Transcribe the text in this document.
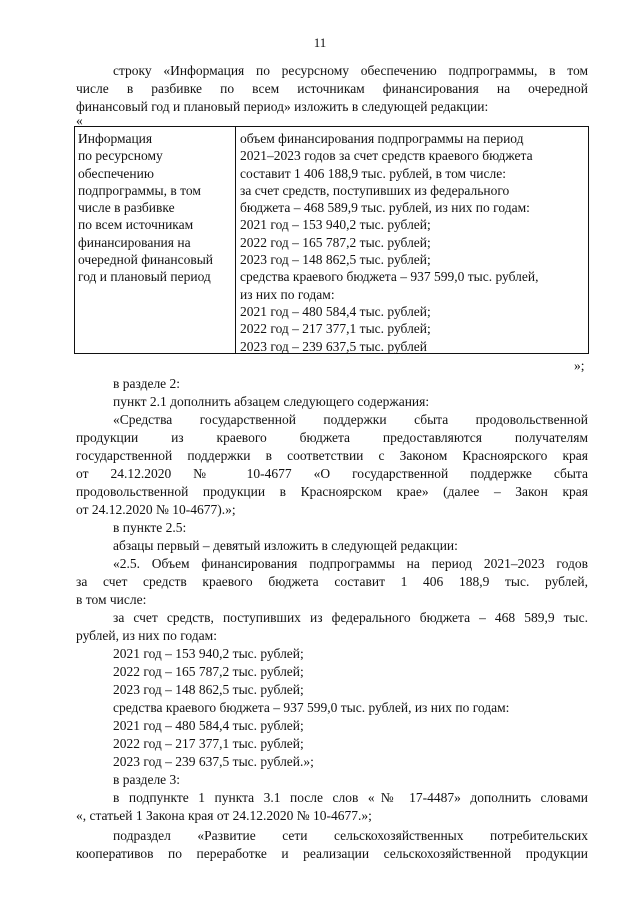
11
строку «Информация по ресурсному обеспечению подпрограммы, в том
числе в разбивке по всем источникам финансирования на очередной
финансовый год и плановый период» изложить в следующей редакции:
«
Информация
по ресурсному
обеспечению
подпрограммы, в том
числе в разбивке
по всем источникам
финансирования на
очередной финансовый
год и плановый период
объем финансирования подпрограммы на период
2021–2023 годов за счет средств краевого бюджета
составит 1 406 188,9 тыс. рублей, в том числе:
за счет средств, поступивших из федерального
бюджета – 468 589,9 тыс. рублей, из них по годам:
2021 год – 153 940,2 тыс. рублей;
2022 год – 165 787,2 тыс. рублей;
2023 год – 148 862,5 тыс. рублей;
средства краевого бюджета – 937 599,0 тыс. рублей,
из них по годам:
2021 год – 480 584,4 тыс. рублей;
2022 год – 217 377,1 тыс. рублей;
2023 год – 239 637,5 тыс. рублей
»;
в разделе 2:
пункт 2.1 дополнить абзацем следующего содержания:
«Средства государственной поддержки сбыта продовольственной
продукции из краевого бюджета предоставляются получателям
государственной поддержки в соответствии с Законом Красноярского края
от 24.12.2020 № 10-4677 «О государственной поддержке сбыта
продовольственной продукции в Красноярском крае» (далее – Закон края
от 24.12.2020 № 10-4677).»;
в пункте 2.5:
абзацы первый – девятый изложить в следующей редакции:
«2.5. Объем финансирования подпрограммы на период 2021–2023 годов
за счет средств краевого бюджета составит 1 406 188,9 тыс. рублей,
в том числе:
за счет средств, поступивших из федерального бюджета – 468 589,9 тыс.
рублей, из них по годам:
2021 год – 153 940,2 тыс. рублей;
2022 год – 165 787,2 тыс. рублей;
2023 год – 148 862,5 тыс. рублей;
средства краевого бюджета – 937 599,0 тыс. рублей, из них по годам:
2021 год – 480 584,4 тыс. рублей;
2022 год – 217 377,1 тыс. рублей;
2023 год – 239 637,5 тыс. рублей.»;
в разделе 3:
в подпункте 1 пункта 3.1 после слов «№ 17-4487» дополнить словами
«, статьей 1 Закона края от 24.12.2020 № 10-4677.»;
подраздел «Развитие сети сельскохозяйственных потребительских
кооперативов по переработке и реализации сельскохозяйственной продукции
